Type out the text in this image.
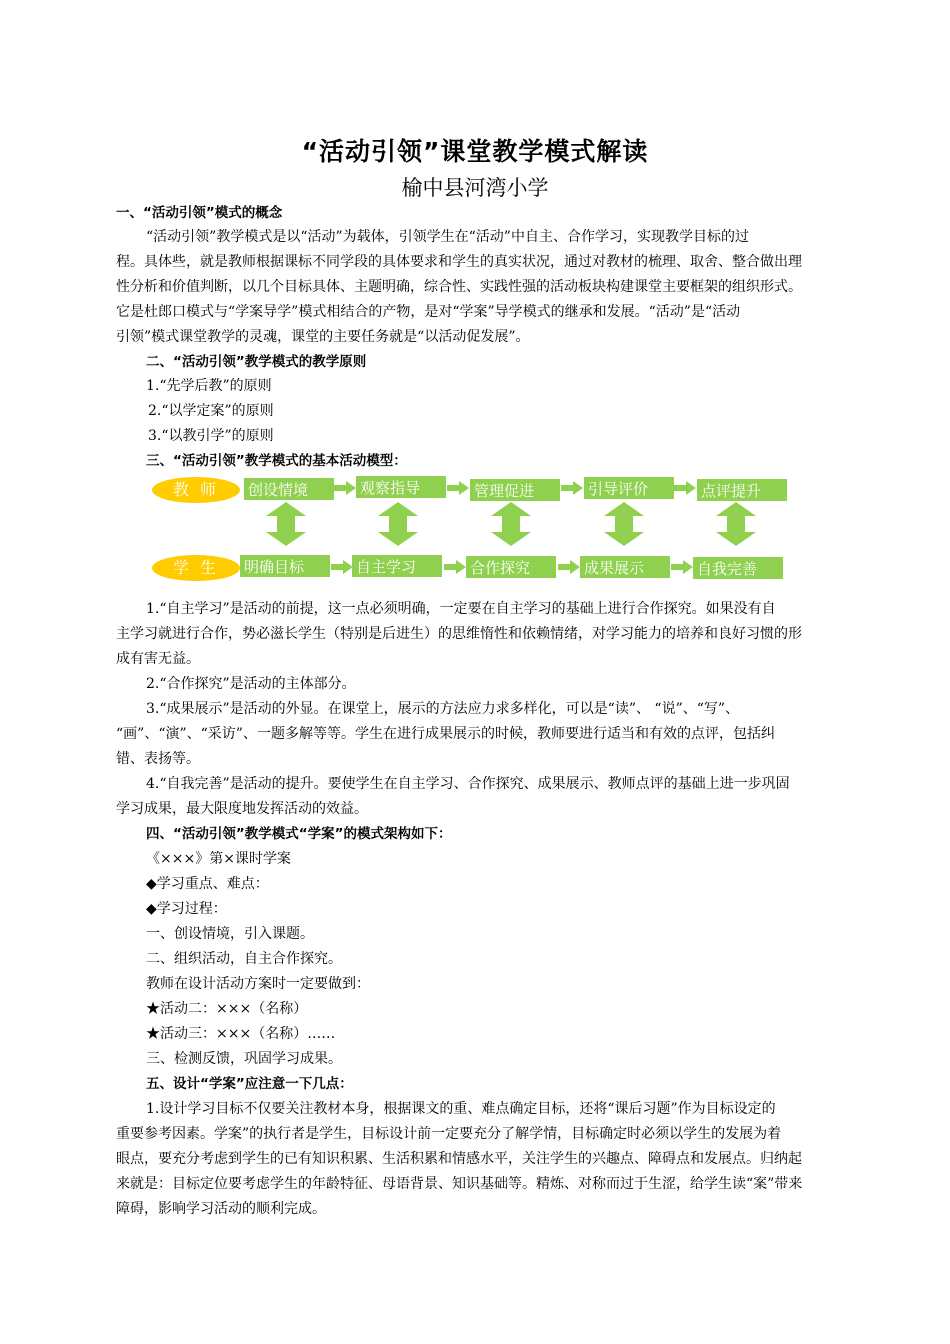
“活动引领”课堂教学模式解读
榆中县河湾小学
一、“活动引领”模式的概念
“活动引领”教学模式是以“活动”为载体，引领学生在“活动”中自主、合作学习，实现教学目标的过
程。具体些，就是教师根据课标不同学段的具体要求和学生的真实状况，通过对教材的梳理、取舍、整合做出理
性分析和价值判断，以几个目标具体、主题明确，综合性、实践性强的活动板块构建课堂主要框架的组织形式。
它是杜郎口模式与“学案导学”模式相结合的产物，是对“学案”导学模式的继承和发展。“活动”是“活动
引领”模式课堂教学的灵魂，课堂的主要任务就是“以活动促发展”。
二、“活动引领”教学模式的教学原则
1.“先学后教”的原则
2.“以学定案”的原则
3.“以教引学”的原则
三、“活动引领”教学模式的基本活动模型：
教 师
学 生
创设情境	观察指导	管理促进	引导评价	点评提升
明确目标	自主学习	合作探究	成果展示	自我完善
1.“自主学习”是活动的前提，这一点必须明确，一定要在自主学习的基础上进行合作探究。如果没有自
主学习就进行合作，势必滋长学生（特别是后进生）的思维惰性和依赖情绪，对学习能力的培养和良好习惯的形
成有害无益。
2.“合作探究”是活动的主体部分。
3.“成果展示”是活动的外显。在课堂上，展示的方法应力求多样化，可以是“读”、 “说”、“写”、
“画”、“演”、“采访”、一题多解等等。学生在进行成果展示的时候，教师要进行适当和有效的点评，包括纠
错、表扬等。
4.“自我完善”是活动的提升。要使学生在自主学习、合作探究、成果展示、教师点评的基础上进一步巩固
学习成果，最大限度地发挥活动的效益。
四、“活动引领”教学模式“学案”的模式架构如下：
《×××》第×课时学案
◆学习重点、难点：
◆学习过程：
一、创设情境，引入课题。
二、组织活动，自主合作探究。
教师在设计活动方案时一定要做到：
★活动二：×××（名称）
★活动三：×××（名称）……
三、检测反馈，巩固学习成果。
五、设计“学案”应注意一下几点：
1.设计学习目标不仅要关注教材本身，根据课文的重、难点确定目标，还将“课后习题”作为目标设定的
重要参考因素。学案”的执行者是学生，目标设计前一定要充分了解学情，目标确定时必须以学生的发展为着
眼点，要充分考虑到学生的已有知识积累、生活积累和情感水平，关注学生的兴趣点、障碍点和发展点。归纳起
来就是：目标定位要考虑学生的年龄特征、母语背景、知识基础等。精炼、对称而过于生涩，给学生读“案”带来
障碍，影响学习活动的顺利完成。
